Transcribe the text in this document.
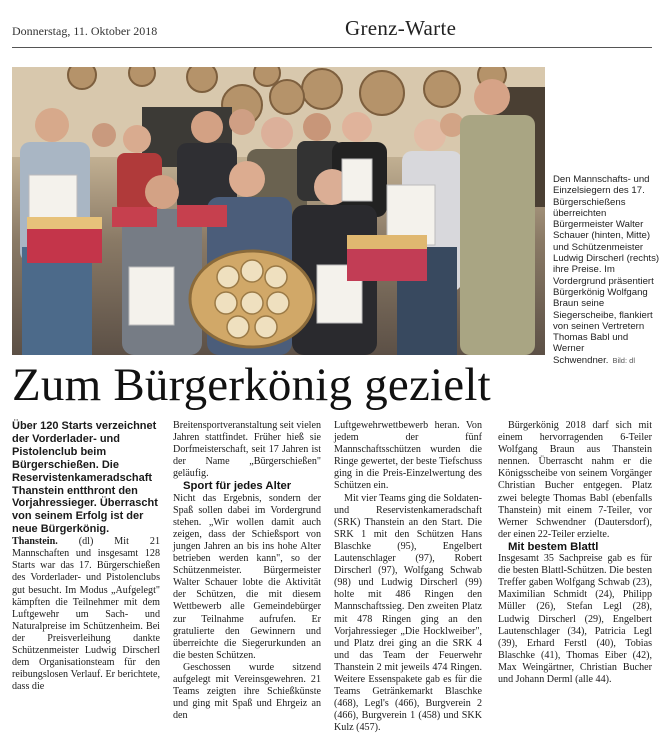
Donnerstag, 11. Oktober 2018	Grenz-Warte
Den Mannschafts- und Einzelsiegern des 17. Bürgerschießens überreichten Bürgermeister Walter Schauer (hinten, Mitte) und Schützenmeister Ludwig Dirscherl (rechts) ihre Preise. Im Vordergrund präsentiert Bürgerkönig Wolfgang Braun seine Siegerscheibe, flankiert von seinen Vertretern Thomas Babl und Werner Schwendner. Bild: dl
Zum Bürgerkönig gezielt

Über 120 Starts verzeichnet der Vorderlader- und Pistolenclub beim Bürgerschießen. Die Reservistenkameradschaft Thanstein entthront den Vorjahressieger. Überrascht von seinem Erfolg ist der neue Bürgerkönig.

Thanstein. (dl) Mit 21 Mannschaften und insgesamt 128 Starts war das 17. Bürgerschießen des Vorderlader- und Pistolenclubs gut besucht. Im Modus „Aufgelegt" kämpften die Teilnehmer mit dem Luftgewehr um Sach- und Naturalpreise im Schützenheim. Bei der Preisverleihung dankte Schützenmeister Ludwig Dirscherl dem Organisationsteam für den reibungslosen Verlauf. Er berichtete, dass die

Breitensportveranstaltung seit vielen Jahren stattfindet. Früher hieß sie Dorfmeisterschaft, seit 17 Jahren ist der Name „Bürgerschießen" geläufig.

Sport für jedes Alter

Nicht das Ergebnis, sondern der Spaß sollen dabei im Vordergrund stehen. „Wir wollen damit auch zeigen, dass der Schießsport von jungen Jahren an bis ins hohe Alter betrieben werden kann", so der Schützenmeister. Bürgermeister Walter Schauer lobte die Aktivität der Schützen, die mit diesem Wettbewerb alle Gemeindebürger zur Teilnahme aufrufen. Er gratulierte den Gewinnern und überreichte die Siegerurkunden an die besten Schützen.

Geschossen wurde sitzend aufgelegt mit Vereinsgewehren. 21 Teams zeigten ihre Schießkünste und ging mit Spaß und Ehrgeiz an den

Luftgewehrwettbewerb heran. Von jedem der fünf Mannschaftsschützen wurden die Ringe gewertet, der beste Tiefschuss ging in die Preis-Einzelwertung des Schützen ein.

Mit vier Teams ging die Soldaten- und Reservistenkameradschaft (SRK) Thanstein an den Start. Die SRK 1 mit den Schützen Hans Blaschke (95), Engelbert Lautenschlager (97), Robert Dirscherl (97), Wolfgang Schwab (98) und Ludwig Dirscherl (99) holte mit 486 Ringen den Mannschaftssieg. Den zweiten Platz mit 478 Ringen ging an den Vorjahressieger „Die Hocklweiber", und Platz drei ging an die SRK 4 und das Team der Feuerwehr Thanstein 2 mit jeweils 474 Ringen. Weitere Essenspakete gab es für die Teams Getränkemarkt Blaschke (468), Legl's (466), Burgverein 2 (466), Burgverein 1 (458) und SKK Kulz (457).

Bürgerkönig 2018 darf sich mit einem hervorragenden 6-Teiler Wolfgang Braun aus Thanstein nennen. Überrascht nahm er die Königsscheibe von seinem Vorgänger Christian Bucher entgegen. Platz zwei belegte Thomas Babl (ebenfalls Thanstein) mit einem 7-Teiler, vor Werner Schwendner (Dautersdorf), der einen 22-Teiler erzielte.

Mit bestem Blattl

Insgesamt 35 Sachpreise gab es für die besten Blattl-Schützen. Die besten Treffer gaben Wolfgang Schwab (23), Maximilian Schmidt (24), Philipp Müller (26), Stefan Legl (28), Ludwig Dirscherl (29), Engelbert Lautenschlager (34), Patricia Legl (39), Erhard Ferstl (40), Tobias Blaschke (41), Thomas Eiber (42), Max Weingärtner, Christian Bucher und Johann Derml (alle 44).
